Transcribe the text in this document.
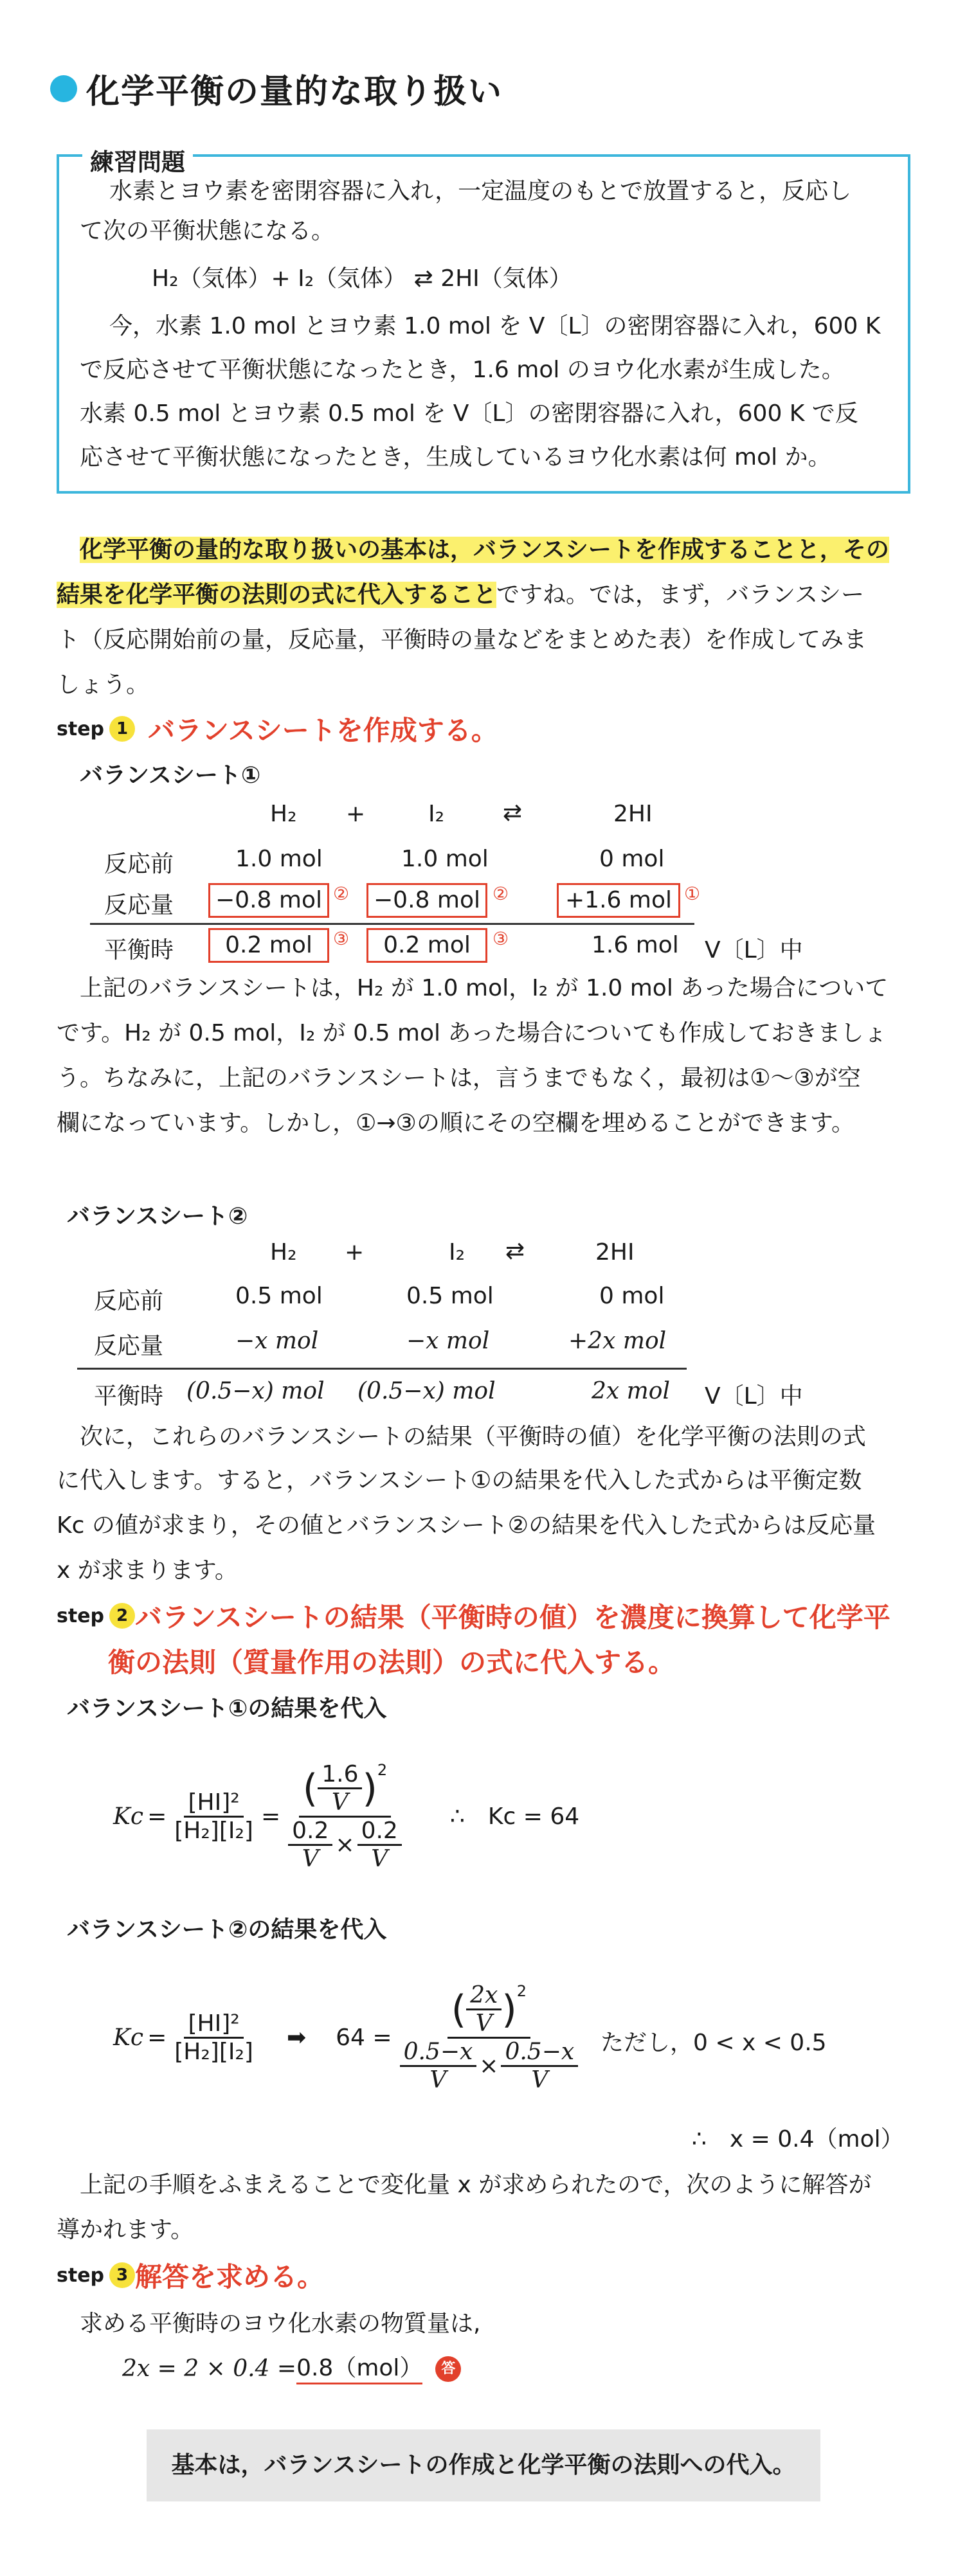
化学平衡の量的な取り扱い
練習問題
水素とヨウ素を密閉容器に入れ，一定温度のもとで放置すると，反応し
て次の平衡状態になる。
H₂（気体）+ I₂（気体） ⇄ 2HI（気体）
今，水素 1.0 mol とヨウ素 1.0 mol を V〔L〕の密閉容器に入れ，600 K
で反応させて平衡状態になったとき，1.6 mol のヨウ化水素が生成した。
水素 0.5 mol とヨウ素 0.5 mol を V〔L〕の密閉容器に入れ，600 K で反
応させて平衡状態になったとき，生成しているヨウ化水素は何 mol か。
化学平衡の量的な取り扱いの基本は，バランスシートを作成することと，その
結果を化学平衡の法則の式に代入することですね。では，まず，バランスシー
ト（反応開始前の量，反応量，平衡時の量などをまとめた表）を作成してみま
しょう。
step 1 バランスシートを作成する。
バランスシート①
H₂ +	I₂	⇄	2HI
反応前	1.0 mol	1.0 mol	0 mol
反応量	−0.8 mol ②	−0.8 mol ②	+1.6 mol ①
平衡時	0.2 mol	③	0.2 mol	③	1.6 mol V〔L〕中
上記のバランスシートは，H₂ が 1.0 mol，I₂ が 1.0 mol あった場合について
です。H₂ が 0.5 mol，I₂ が 0.5 mol あった場合についても作成しておきましょ
う。ちなみに，上記のバランスシートは，言うまでもなく，最初は①〜③が空
欄になっています。しかし，①→③の順にその空欄を埋めることができます。
バランスシート②
H₂ +	I₂ ⇄	2HI
反応前	0.5 mol	0.5 mol	0 mol
反応量	−x mol	−x mol	+2x mol
平衡時 (0.5−x) mol (0.5−x) mol	2x mol V〔L〕中
次に，これらのバランスシートの結果（平衡時の値）を化学平衡の法則の式
に代入します。すると，バランスシート①の結果を代入した式からは平衡定数
Kc の値が求まり，その値とバランスシート②の結果を代入した式からは反応量
x が求まります。
step 2 バランスシートの結果（平衡時の値）を濃度に換算して化学平
衡の法則（質量作用の法則）の式に代入する。
バランスシート①の結果を代入
$Kc = \frac{\text{[HI]²}}{\text{[H₂][I₂]}} = \frac{( \frac{1.6}{V} )^2}{\frac{0.2}{V} \times \frac{0.2}{V}}$ ∴　Kc = 64
バランスシート②の結果を代入
$Kc = \frac{\text{[HI]²}}{\text{[H₂][I₂]}}$ ➡ 64 =
( $\frac{2x}{V} )^2$
$\frac{0.5-x}{V} \times \frac{0.5-x}{V}$ ただし，0 < x < 0.5
∴　x = 0.4（mol）
上記の手順をふまえることで変化量 x が求められたので，次のように解答が
導かれます。
step 3 解答を求める。
求める平衡時のヨウ化水素の物質量は,
2x = 2 × 0.4 = 0.8（mol）	答
基本は，バランスシートの作成と化学平衡の法則への代入。
